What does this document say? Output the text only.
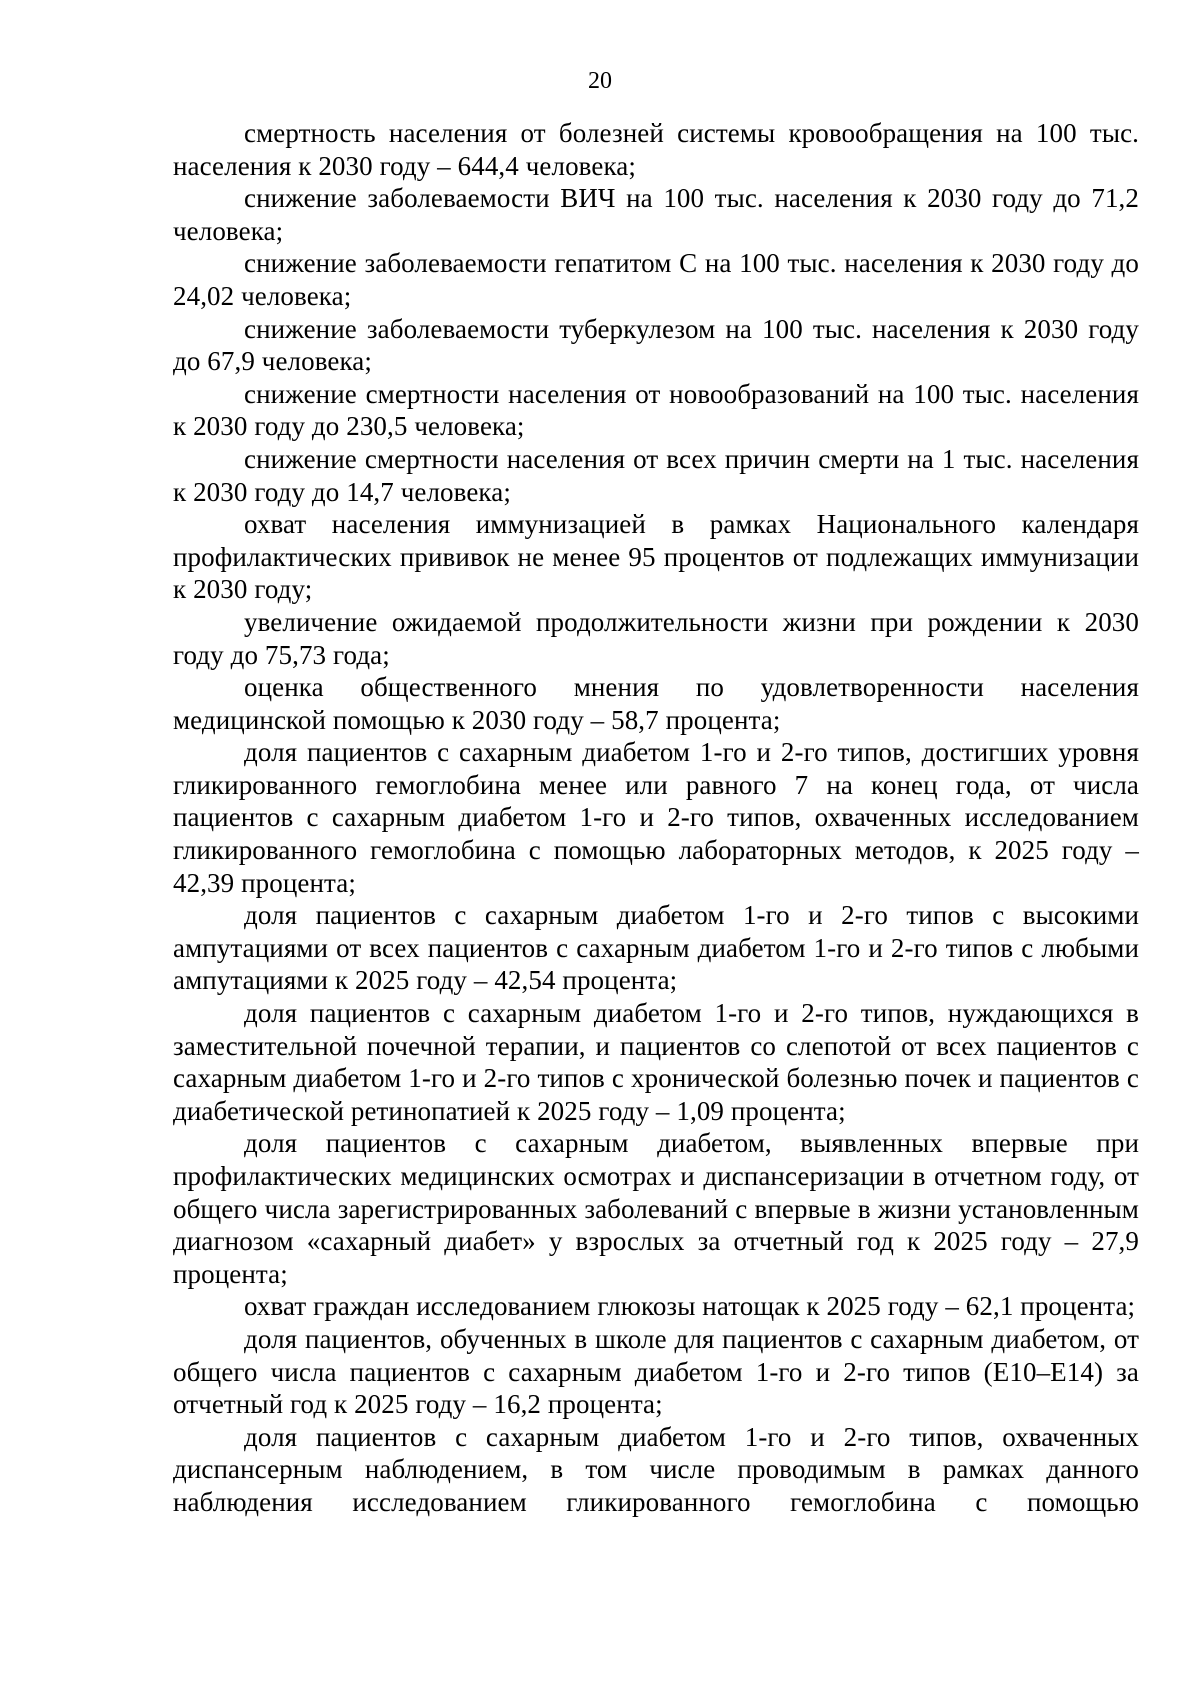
20

смертность населения от болезней системы кровообращения на 100 тыс. населения к 2030 году – 644,4 человека;

снижение заболеваемости ВИЧ на 100 тыс. населения к 2030 году до 71,2 человека;

снижение заболеваемости гепатитом С на 100 тыс. населения к 2030 году до 24,02 человека;

снижение заболеваемости туберкулезом на 100 тыс. населения к 2030 году до 67,9 человека;

снижение смертности населения от новообразований на 100 тыс. населения к 2030 году до 230,5 человека;

снижение смертности населения от всех причин смерти на 1 тыс. населения к 2030 году до 14,7 человека;

охват населения иммунизацией в рамках Национального календаря профилактических прививок не менее 95 процентов от подлежащих иммунизации к 2030 году;

увеличение ожидаемой продолжительности жизни при рождении к 2030 году до 75,73 года;

оценка общественного мнения по удовлетворенности населения медицинской помощью к 2030 году – 58,7 процента;

доля пациентов с сахарным диабетом 1-го и 2-го типов, достигших уровня гликированного гемоглобина менее или равного 7 на конец года, от числа пациентов с сахарным диабетом 1-го и 2-го типов, охваченных исследованием гликированного гемоглобина с помощью лабораторных методов, к 2025 году – 42,39 процента;

доля пациентов с сахарным диабетом 1-го и 2-го типов с высокими ампутациями от всех пациентов с сахарным диабетом 1-го и 2-го типов с любыми ампутациями к 2025 году – 42,54 процента;

доля пациентов с сахарным диабетом 1-го и 2-го типов, нуждающихся в заместительной почечной терапии, и пациентов со слепотой от всех пациентов с сахарным диабетом 1-го и 2-го типов с хронической болезнью почек и пациентов с диабетической ретинопатией к 2025 году – 1,09 процента;

доля пациентов с сахарным диабетом, выявленных впервые при профилактических медицинских осмотрах и диспансеризации в отчетном году, от общего числа зарегистрированных заболеваний с впервые в жизни установленным диагнозом «сахарный диабет» у взрослых за отчетный год к 2025 году – 27,9 процента;

охват граждан исследованием глюкозы натощак к 2025 году – 62,1 процента;

доля пациентов, обученных в школе для пациентов с сахарным диабетом, от общего числа пациентов с сахарным диабетом 1-го и 2-го типов (Е10–Е14) за отчетный год к 2025 году – 16,2 процента;

доля пациентов с сахарным диабетом 1-го и 2-го типов, охваченных диспансерным наблюдением, в том числе проводимым в рамках данного наблюдения исследованием гликированного гемоглобина с помощью
